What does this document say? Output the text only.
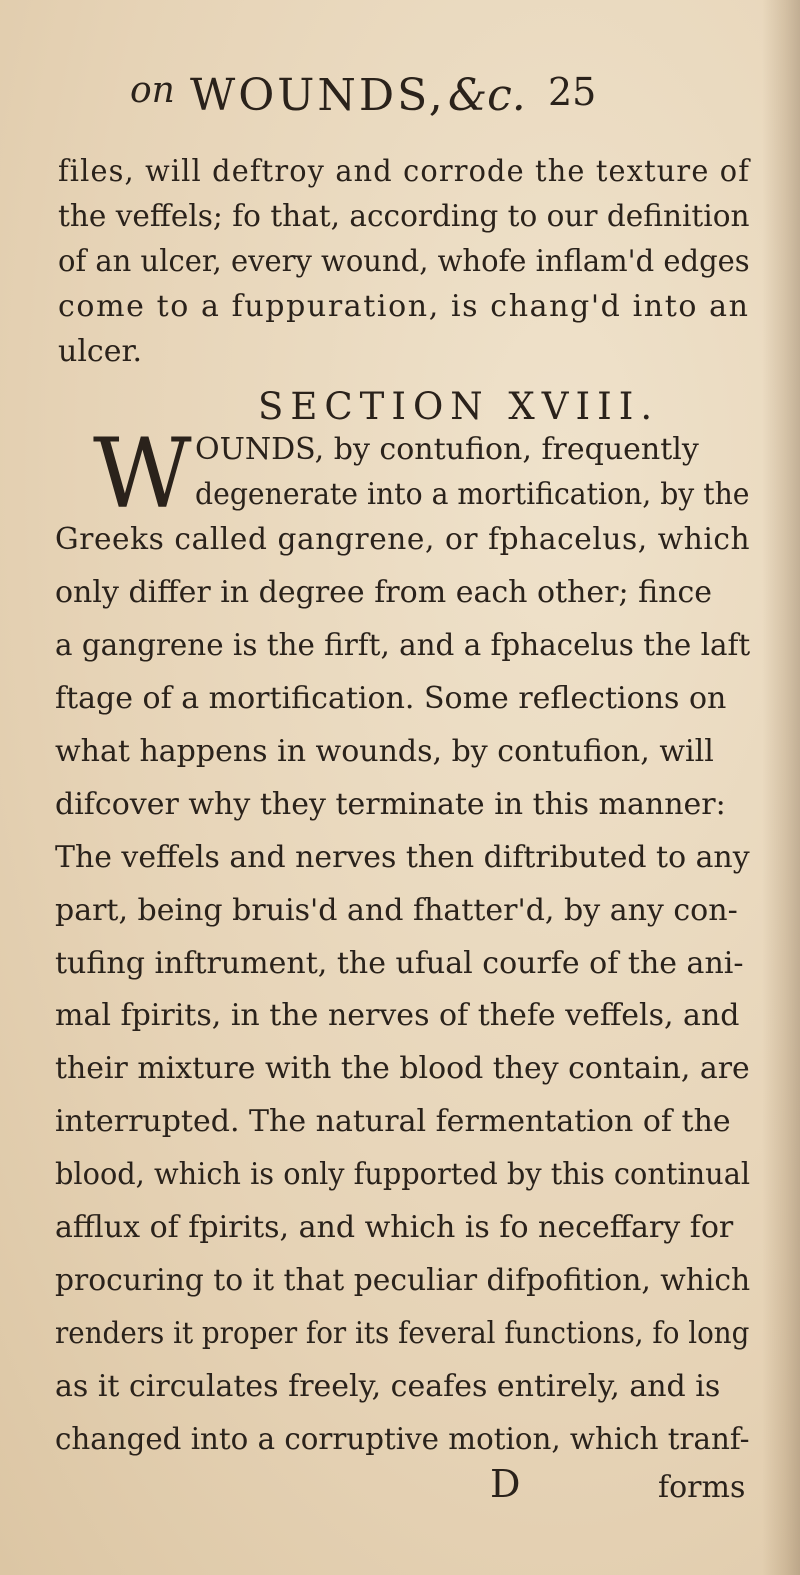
on WOUNDS, &c. 25
files, will deftroy and corrode the texture of
the veffels; fo that, according to our definition
of an ulcer, every wound, whofe inflam'd edges
come to a fuppuration, is chang'd into an
ulcer.
SECTION XVIII.
W OUNDS, by contufion, frequently
degenerate into a mortification, by the
Greeks called gangrene, or fphacelus, which
only differ in degree from each other; fince
a gangrene is the firft, and a fphacelus the laft
ftage of a mortification. Some reflections on
what happens in wounds, by contufion, will
difcover why they terminate in this manner:
The veffels and nerves then diftributed to any
part, being bruis'd and fhatter'd, by any con-
tufing inftrument, the ufual courfe of the ani-
mal fpirits, in the nerves of thefe veffels, and
their mixture with the blood they contain, are
interrupted. The natural fermentation of the
blood, which is only fupported by this continual
afflux of fpirits, and which is fo neceffary for
procuring to it that peculiar difpofition, which
renders it proper for its feveral functions, fo long
as it circulates freely, ceafes entirely, and is
changed into a corruptive motion, which tranf-
D	forms
